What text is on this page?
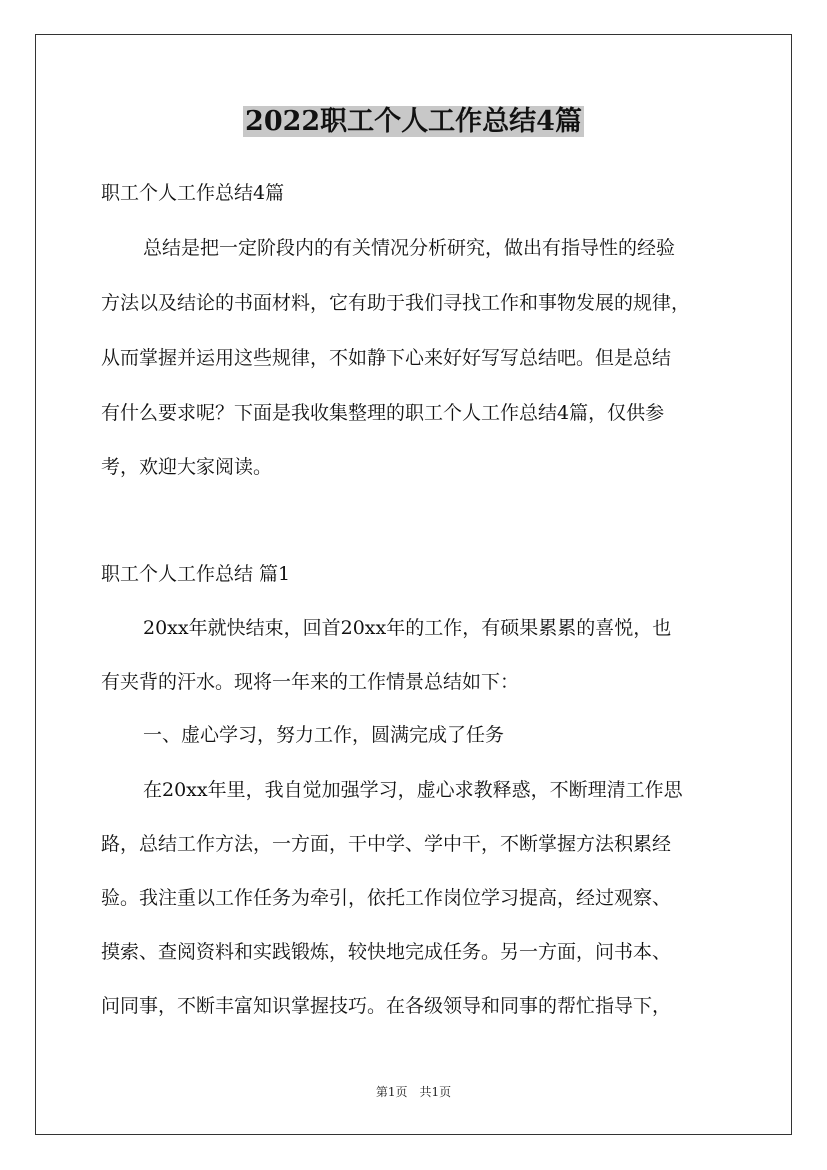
2022职工个人工作总结4篇

职工个人工作总结4篇

总结是把一定阶段内的有关情况分析研究，做出有指导性的经验

方法以及结论的书面材料，它有助于我们寻找工作和事物发展的规律，

从而掌握并运用这些规律，不如静下心来好好写写总结吧。但是总结

有什么要求呢？下面是我收集整理的职工个人工作总结4篇，仅供参

考，欢迎大家阅读。

职工个人工作总结 篇1

20xx年就快结束，回首20xx年的工作，有硕果累累的喜悦，也

有夹背的汗水。现将一年来的工作情景总结如下：

一、虚心学习，努力工作，圆满完成了任务

在20xx年里，我自觉加强学习，虚心求教释惑，不断理清工作思

路，总结工作方法，一方面，干中学、学中干，不断掌握方法积累经

验。我注重以工作任务为牵引，依托工作岗位学习提高，经过观察、

摸索、查阅资料和实践锻炼，较快地完成任务。另一方面，问书本、

问同事，不断丰富知识掌握技巧。在各级领导和同事的帮忙指导下，

第1页　共1页
